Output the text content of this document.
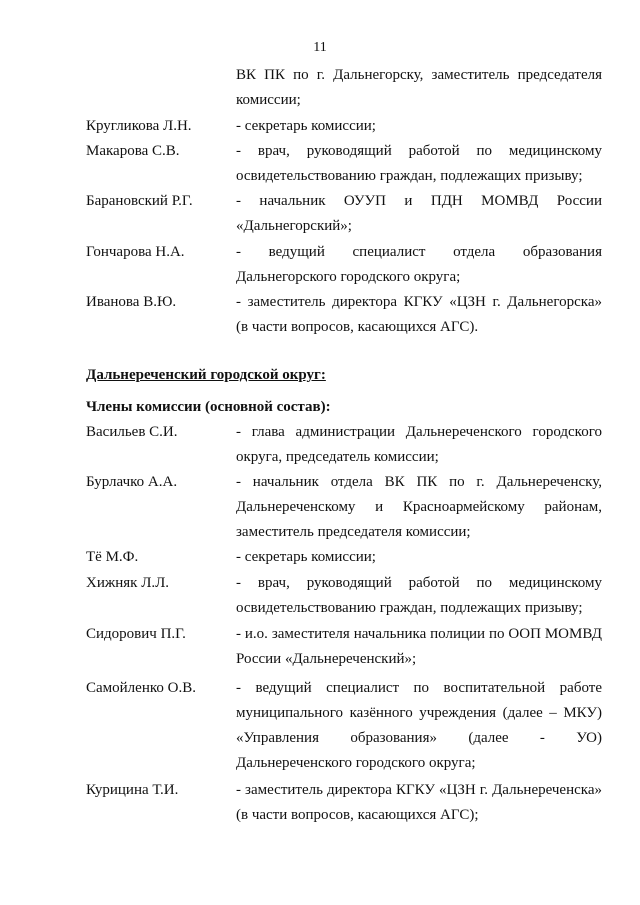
11
ВК ПК по г. Дальнегорску, заместитель председателя
комиссии;
Кругликова Л.Н.	- секретарь комиссии;
Макарова С.В.	- врач, руководящий работой по медицинскому
освидетельствованию граждан, подлежащих призыву;
Барановский Р.Г.	- начальник ОУУП и ПДН МОМВД России
«Дальнегорский»;
Гончарова Н.А.	- ведущий специалист отдела образования
Дальнегорского городского округа;
Иванова В.Ю.	- заместитель директора КГКУ «ЦЗН г. Дальнегорска»
(в части вопросов, касающихся АГС).
Дальнереченский городской округ:
Члены комиссии (основной состав):
Васильев С.И.	- глава администрации Дальнереченского городского
округа, председатель комиссии;
Бурлачко А.А.	- начальник отдела ВК ПК по г. Дальнереченску,
Дальнереченскому и Красноармейскому районам,
заместитель председателя комиссии;
Тё М.Ф.	- секретарь комиссии;
Хижняк Л.Л.	- врач, руководящий работой по медицинскому
освидетельствованию граждан, подлежащих призыву;
Сидорович П.Г.	- и.о. заместителя начальника полиции по ООП МОМВД
России «Дальнереченский»;
Самойленко О.В.	- ведущий специалист по воспитательной работе
муниципального казённого учреждения (далее – МКУ)
«Управления образования» (далее - УО)
Дальнереченского городского округа;
Курицина Т.И.	- заместитель директора КГКУ «ЦЗН г. Дальнереченска»
(в части вопросов, касающихся АГС);
